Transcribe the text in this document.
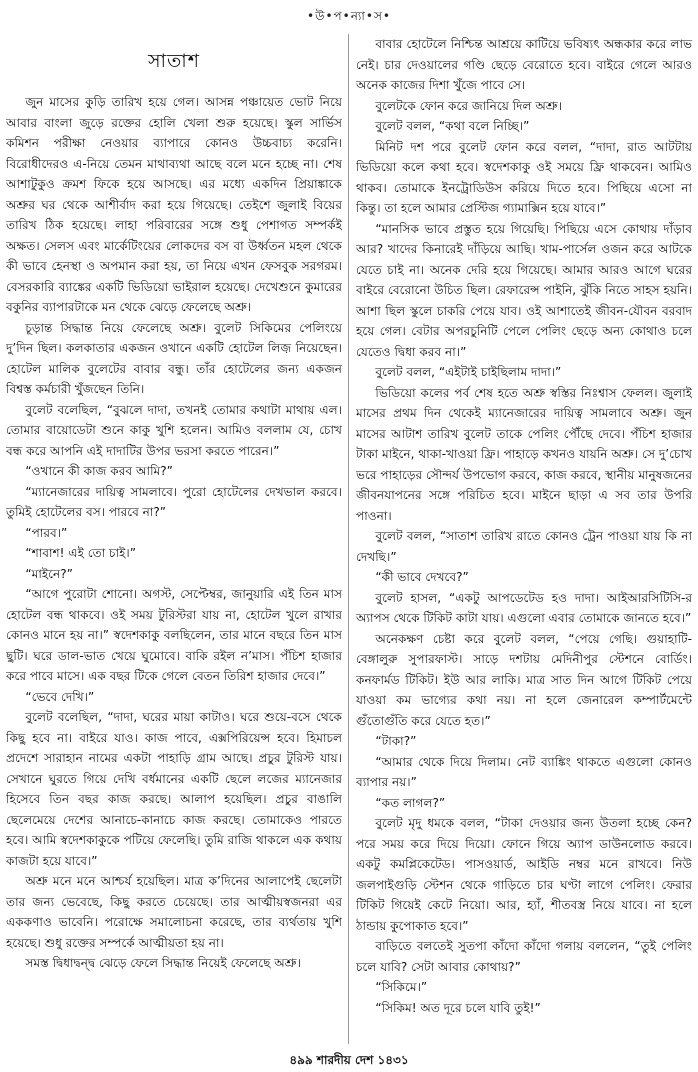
•উ•প•ন্যা•স•
সাতাশ

জুন মাসের কুড়ি তারিখ হয়ে গেল। আসন্ন পঞ্চায়েত ভোট নিয়ে আবার বাংলা জুড়ে রক্তের হোলি খেলা শুরু হয়েছে। স্কুল সার্ভিস কমিশন পরীক্ষা নেওয়ার ব্যাপারে কোনও উচ্চবাচ্য করেনি। বিরোধীদেরও এ-নিয়ে তেমন মাথাব্যথা আছে বলে মনে হচ্ছে না। শেষ আশাটুকুও ক্রমশ ফিকে হয়ে আসছে। এর মধ্যে একদিন প্রিয়াঙ্কাকে অশ্রুর ঘর থেকে আশীর্বাদ করা হয়ে গিয়েছে। তেইশে জুলাই বিয়ের তারিখ ঠিক হয়েছে। লাহা পরিবারের সঙ্গে শুধু পেশাগত সম্পর্কই অক্ষত। সেলস এবং মার্কেটিংয়ের লোকদের বস বা উর্ধ্বতন মহল থেকে কী ভাবে হেনস্থা ও অপমান করা হয়, তা নিয়ে এখন ফেসবুক সরগরম। বেসরকারি ব্যাঙ্কের একটি ভিডিয়ো ভাইরাল হয়েছে। দেখেশুনে কুমারের বকুনির ব্যাপারটাকে মন থেকে ঝেড়ে ফেলেছে অশ্রু।

চূড়ান্ত সিদ্ধান্ত নিয়ে ফেলেছে অশ্রু। বুলেট সিকিমের পেলিংয়ে দু’দিন ছিল। কলকাতার একজন ওখানে একটি হোটেল লিজ় নিয়েছেন। হোটেল মালিক বুলেটের বাবার বন্ধু। তাঁর হোটেলের জন্য একজন বিশ্বস্ত কর্মচারী খুঁজছেন তিনি।

বুলেট বলেছিল, “বুঝলে দাদা, তখনই তোমার কথাটা মাথায় এল। তোমার বায়োডেটা শুনে কাকু খুশি হলেন। আমিও বললাম যে, চোখ বন্ধ করে আপনি এই দাদাটির উপর ভরসা করতে পারেন।”

“ওখানে কী কাজ করব আমি?”

“ম্যানেজারের দায়িত্ব সামলাবে। পুরো হোটেলের দেখভাল করবে। তুমিই হোটেলের বস। পারবে না?”

“পারব।”

“শাবাশ! এই তো চাই।”

“মাইনে?”

“আগে পুরোটা শোনো। অগস্ট, সেপ্টেম্বর, জানুয়ারি এই তিন মাস হোটেল বন্ধ থাকবে। ওই সময় টুরিস্টরা যায় না, হোটেল খুলে রাখার কোনও মানে হয় না।” স্বদেশকাকু বলছিলেন, তার মানে বছরে তিন মাস ছুটি। ঘরে ডাল-ভাত খেয়ে ঘুমোবে। বাকি রইল ন’মাস। পঁচিশ হাজার করে পাবে মাসে। এক বছর টিকে গেলে বেতন তিরিশ হাজার দেবে।”

“ভেবে দেখি।”

বুলেট বলেছিল, “দাদা, ঘরের মায়া কাটাও। ঘরে শুয়ে-বসে থেকে কিছু হবে না। বাইরে যাও। কাজ পাবে, এক্সপিরিয়েন্স হবে। হিমাচল প্রদেশে সারাহান নামের একটা পাহাড়ি গ্রাম আছে। প্রচুর টুরিস্ট যায়। সেখানে ঘুরতে গিয়ে দেখি বর্ধমানের একটি ছেলে লজের ম্যানেজার হিসেবে তিন বছর কাজ করছে। আলাপ হয়েছিল। প্রচুর বাঙালি ছেলেমেয়ে দেশের আনাচে-কানাচে কাজ করছে। তোমাকেও পারতে হবে। আমি স্বদেশকাকুকে পটিয়ে ফেলেছি। তুমি রাজি থাকলে এক কথায় কাজটা হয়ে যাবে।”

অশ্রু মনে মনে আশ্চর্য হয়েছিল। মাত্র ক’দিনের আলাপেই ছেলেটা তার জন্য ভেবেছে, কিছু করতে চেয়েছে। তার আত্মীয়স্বজনরা এর এককণাও ভাবেনি। পরোক্ষে সমালোচনা করেছে, তার ব্যর্থতায় খুশি হয়েছে। শুধু রক্তের সম্পর্কে আত্মীয়তা হয় না।

সমস্ত দ্বিধাদ্বন্দ্ব ঝেড়ে ফেলে সিদ্ধান্ত নিয়েই ফেলেছে অশ্রু।

বাবার হোটেলে নিশ্চিন্ত আশ্রয়ে কাটিয়ে ভবিষ্যৎ অন্ধকার করে লাভ নেই। চার দেওয়ালের গণ্ডি ছেড়ে বেরোতে হবে। বাইরে গেলে আরও অনেক কাজের দিশা খুঁজে পাবে সে।

বুলেটকে ফোন করে জানিয়ে দিল অশ্রু।

বুলেট বলল, “কথা বলে নিচ্ছি।”

মিনিট দশ পরে বুলেট ফোন করে বলল, “দাদা, রাত আটটায় ভিডিয়ো কলে কথা হবে। স্বদেশকাকু ওই সময়ে ফ্রি থাকবেন। আমিও থাকব। তোমাকে ইনট্রোডিউস করিয়ে দিতে হবে। পিছিয়ে এসো না কিন্তু। তা হলে আমার প্রেস্টিজ গ্যামাক্সিন হয়ে যাবে।”

“মানসিক ভাবে প্রস্তুত হয়ে গিয়েছি। পিছিয়ে এসে কোথায় দাঁড়াব আর? খাদের কিনারেই দাঁড়িয়ে আছি। খাম-পার্সেল ওজন করে আটকে যেতে চাই না। অনেক দেরি হয়ে গিয়েছে। আমার আরও আগে ঘরের বাইরে বেরোনো উচিত ছিল। রেফারেন্স পাইনি, ঝুঁকি নিতে সাহস হয়নি। আশা ছিল স্কুলে চাকরি পেয়ে যাব। ওই আশাতেই জীবন-যৌবন বরবাদ হয়ে গেল। বেটার অপরচুনিটি পেলে পেলিং ছেড়ে অন্য কোথাও চলে যেতেও দ্বিধা করব না।”

বুলেট বলল, “এইটাই চাইছিলাম দাদা।”

ভিডিয়ো কলের পর্ব শেষ হতে অশ্রু স্বস্তির নিঃশ্বাস ফেলল। জুলাই মাসের প্রথম দিন থেকেই ম্যানেজারের দায়িত্ব সামলাবে অশ্রু। জুন মাসের আটাশ তারিখ বুলেট তাকে পেলিং পৌঁছে দেবে। পঁচিশ হাজার টাকা মাইনে, থাকা-খাওয়া ফ্রি। পাহাড়ে কখনও যায়নি অশ্রু। সে দু’চোখ ভরে পাহাড়ের সৌন্দর্য উপভোগ করবে, কাজ করবে, স্থানীয় মানুষজনের জীবনযাপনের সঙ্গে পরিচিত হবে। মাইনে ছাড়া এ সব তার উপরি পাওনা।

বুলেট বলল, “সাতাশ তারিখ রাতে কোনও ট্রেন পাওয়া যায় কি না দেখছি।”

“কী ভাবে দেখবে?”

বুলেট হাসল, “একটু আপডেটেড হও দাদা। আইআরসিটিসি-র অ্যাপস থেকে টিকিট কাটা যায়। এগুলো এবার তোমাকে জানতে হবে।”

অনেকক্ষণ চেষ্টা করে বুলেট বলল, “পেয়ে গেছি। গুয়াহাটি-বেঙ্গালুরু সুপারফাস্ট। সাড়ে দশটায় মেদিনীপুর স্টেশনে বোর্ডিং। কনফার্মড টিকিট। ইউ আর লাকি। মাত্র সাত দিন আগে টিকিট পেয়ে যাওয়া কম ভাগ্যের কথা নয়। না হলে জেনারেল কম্পার্টমেন্টে গুঁতোগুঁতি করে যেতে হত।”

“টাকা?”

“আমার থেকে দিয়ে দিলাম। নেট ব্যাঙ্কিং থাকতে এগুলো কোনও ব্যাপার নয়।”

“কত লাগল?”

বুলেট মৃদু ধমকে বলল, “টাকা দেওয়ার জন্য উতলা হচ্ছে কেন? পরে সময় করে দিয়ে দিয়ো। ফোনে গিয়ে অ্যাপ ডাউনলোড করবে। একটু কমপ্লিকেটেড। পাসওয়ার্ড, আইডি নম্বর মনে রাখবে। নিউ জলপাইগুড়ি স্টেশন থেকে গাড়িতে চার ঘণ্টা লাগে পেলিং। ফেরার টিকিট গিয়েই কেটে নিয়ো। আর, হ্যাঁ, শীতবস্ত্র নিয়ে যাবে। না হলে ঠান্ডায় কুপোকাত হবে।”

বাড়িতে বলতেই সুতপা কাঁদো কাঁদো গলায় বললেন, “তুই পেলিং চলে যাবি? সেটা আবার কোথায়?”

“সিকিমে।”

“সিকিম! অত দূরে চলে যাবি তুই!”

৪৯৯ শারদীয় দেশ ১৪৩১
